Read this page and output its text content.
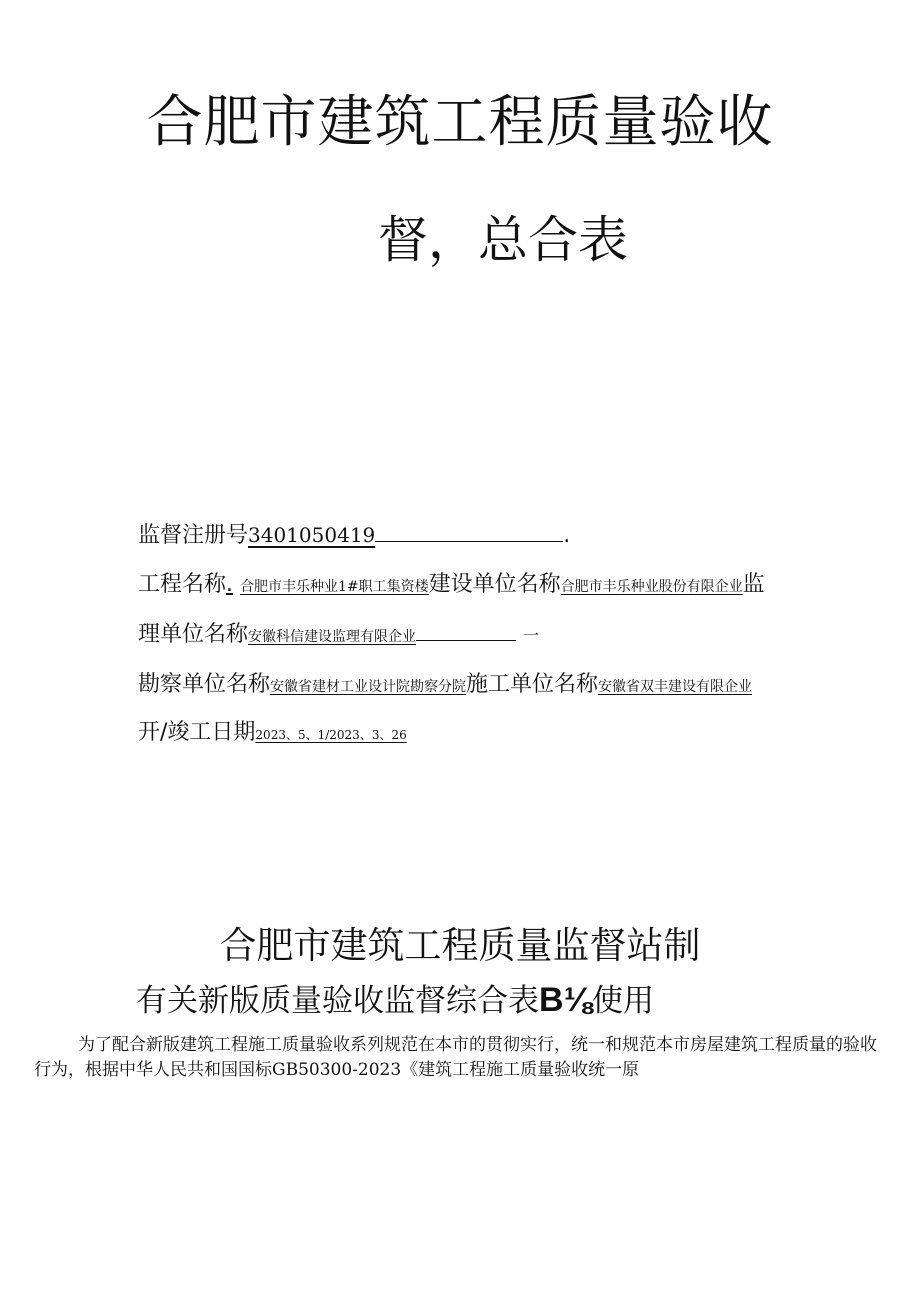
合肥市建筑工程质量验收
督，总合表
监督注册号3401050419	.
工程名称. 合肥市丰乐种业1#职工集资楼建设单位名称合肥市丰乐种业股份有限企业监
理单位名称安徽科信建设监理有限企业	一
勘察单位名称安徽省建材工业设计院勘察分院施工单位名称安徽省双丰建设有限企业
开/竣工日期2023、5、1/2023、3、26
合肥市建筑工程质量监督站制
有关新版质量验收监督综合表B⅛使用
为了配合新版建筑工程施工质量验收系列规范在本市的贯彻实行，统一和规范本市房屋建筑工程质量的验收行为，根据中华人民共和国国标GB50300-2023《建筑工程施工质量验收统一原
